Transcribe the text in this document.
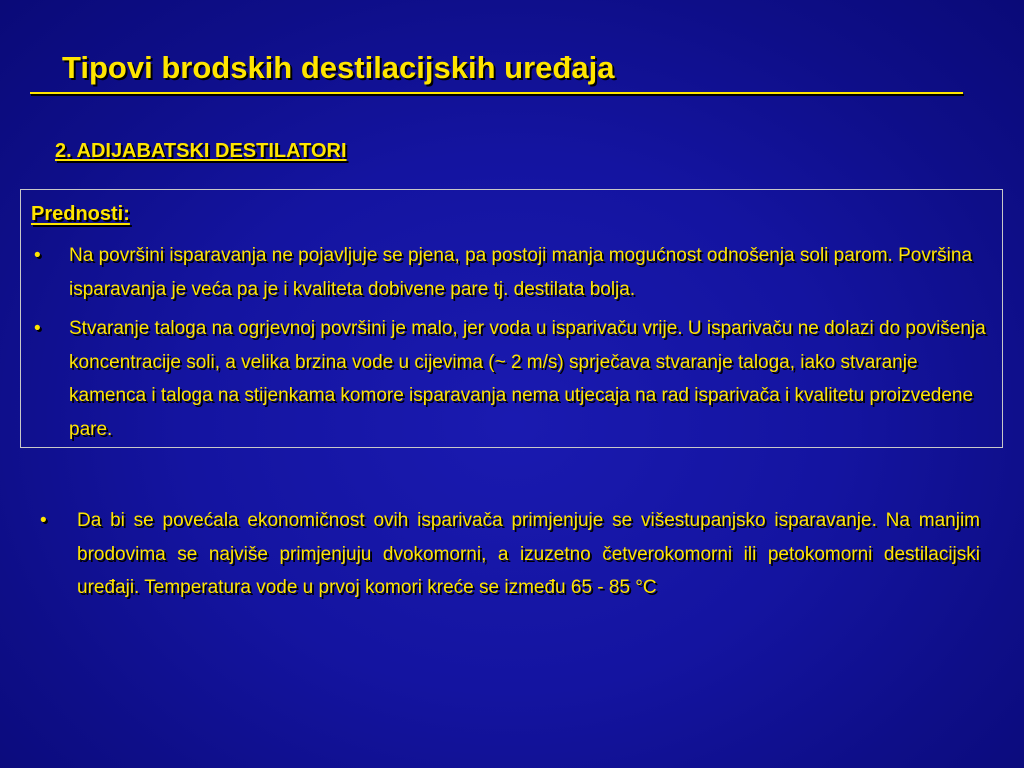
Tipovi brodskih destilacijskih uređaja
2. ADIJABATSKI DESTILATORI
Prednosti:
•	Na površini isparavanja ne pojavljuje se pjena, pa postoji manja mogućnost odnošenja soli parom. Površina isparavanja je veća pa je i kvaliteta dobivene pare tj. destilata bolja.
•	Stvaranje taloga na ogrjevnoj površini je malo, jer voda u isparivaču vrije. U isparivaču ne dolazi do povišenja koncentracije soli, a velika brzina vode u cijevima (~ 2 m/s) sprječava stvaranje taloga, iako stvaranje kamenca i taloga na stijenkama komore isparavanja nema utjecaja na rad isparivača i kvalitetu proizvedene pare.
•	Da bi se povećala ekonomičnost ovih isparivača primjenjuje se višestupanjsko isparavanje. Na manjim brodovima se najviše primjenjuju dvokomorni, a izuzetno četverokomorni ili petokomorni destilacijski uređaji. Temperatura vode u prvoj komori kreće se između 65 - 85 °C
